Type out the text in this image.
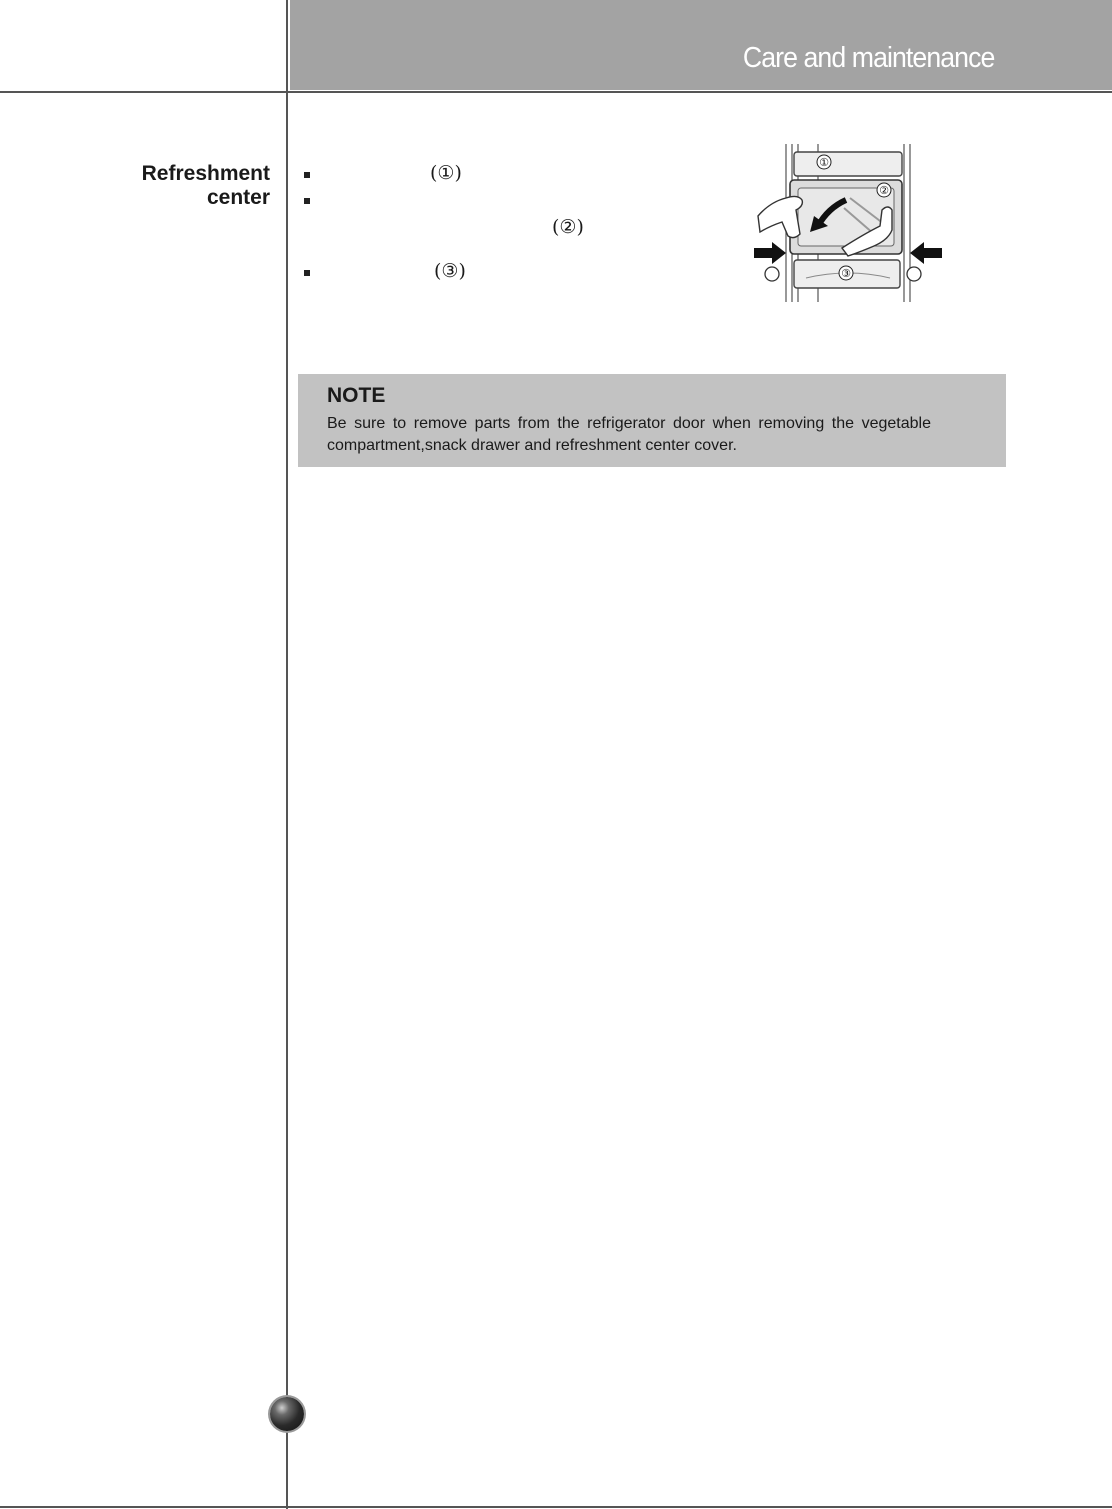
Care and maintenance
Refreshment
center
(①)
(②)
(③)
①
②
③
NOTE
Be sure to remove parts from the refrigerator door when removing the vegetable compartment,snack drawer and refreshment center cover.
